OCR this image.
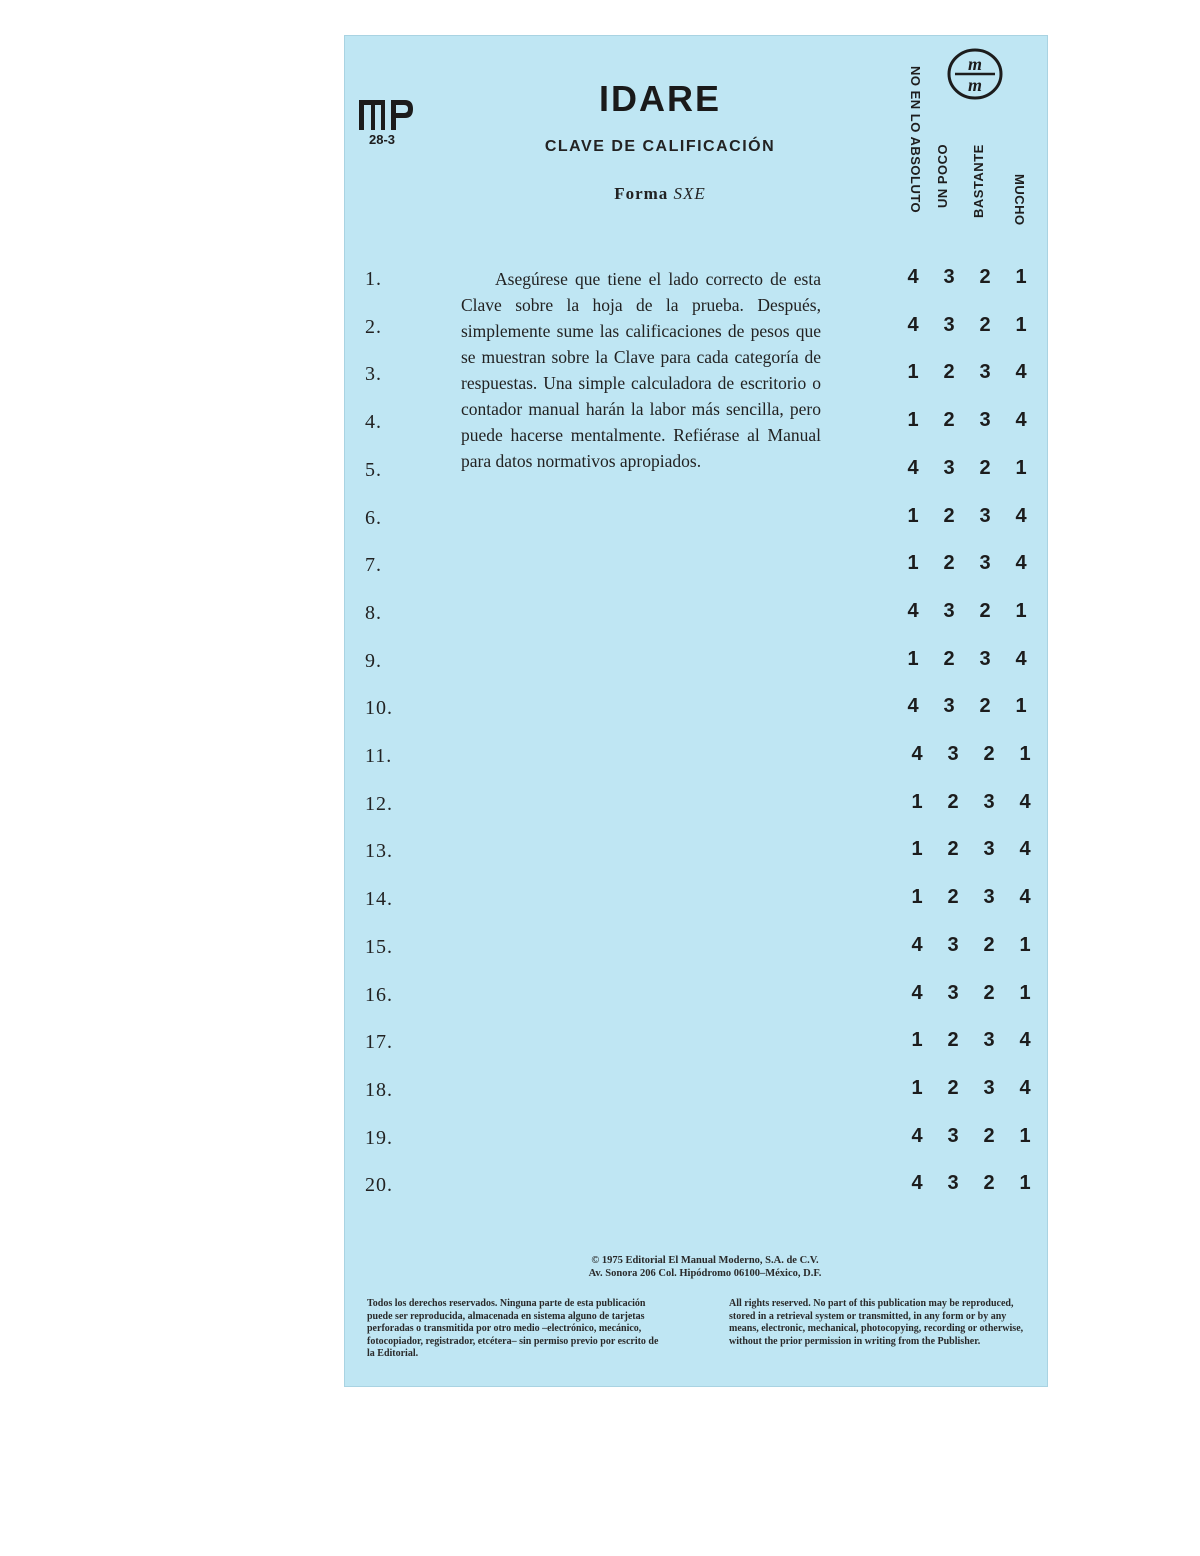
28-3
IDARE
CLAVE DE CALIFICACIÓN
Forma SXE
m
m
NO EN LO ABSOLUTO UN POCO	BASTANTE	MUCHO
Asegúrese que tiene el lado correcto de esta Clave sobre la hoja de la prueba. Después, simplemente sume las calificaciones de pesos que se muestran sobre la Clave para cada categoría de respuestas. Una simple calculadora de escritorio o contador manual harán la labor más sencilla, pero puede hacerse mentalmente. Refiérase al Manual para datos normativos apropiados.
1.	4 3 2 1
2.	4 3 2 1
3.	1 2 3 4
4.	1 2 3 4
5.	4 3 2 1
6.	1 2 3 4
7.	1 2 3 4
8.	4 3 2 1
9.	1 2 3 4
10.	4 3 2 1
11.	4 3 2 1
12.	1 2 3 4
13.	1 2 3 4
14.	1 2 3 4
15.	4 3 2 1
16.	4 3 2 1
17.	1 2 3 4
18.	1 2 3 4
19.	4 3 2 1
20.	4 3 2 1
© 1975 Editorial El Manual Moderno, S.A. de C.V.
Av. Sonora 206 Col. Hipódromo 06100–México, D.F.
Todos los derechos reservados. Ninguna parte de esta publicación puede ser reproducida, almacenada en sistema alguno de tarjetas perforadas o transmitida por otro medio –electrónico, mecánico, fotocopiador, registrador, etcétera– sin permiso previo por escrito de la Editorial.
All rights reserved. No part of this publication may be reproduced, stored in a retrieval system or transmitted, in any form or by any means, electronic, mechanical, photocopying, recording or otherwise, without the prior permission in writing from the Publisher.
